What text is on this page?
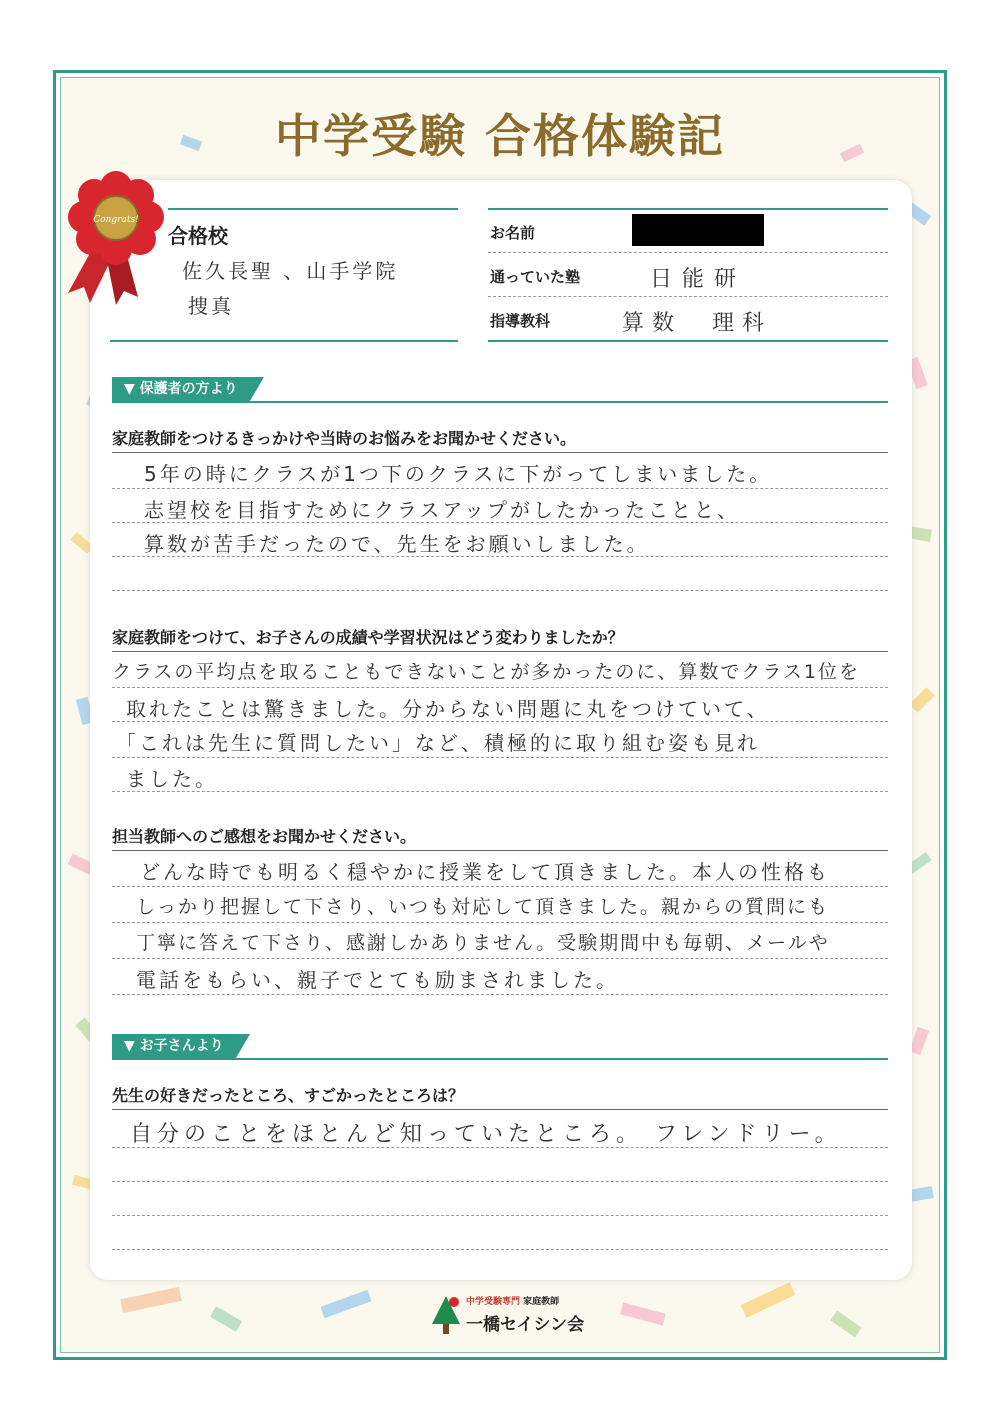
中学受験 合格体験記
Congrats!
合格校
佐久長聖 、山手学院
捜真
お名前
通っていた塾	日能研
指導教科	算数　理科
▼ 保護者の方より
家庭教師をつけるきっかけや当時のお悩みをお聞かせください。
5年の時にクラスが1つ下のクラスに下がってしまいました。
志望校を目指すためにクラスアップがしたかったことと、
算数が苦手だったので、先生をお願いしました。
家庭教師をつけて、お子さんの成績や学習状況はどう変わりましたか？
クラスの平均点を取ることもできないことが多かったのに、算数でクラス1位を
取れたことは驚きました。分からない問題に丸をつけていて、
「これは先生に質問したい」など、積極的に取り組む姿も見れ
ました。
担当教師へのご感想をお聞かせください。
どんな時でも明るく穏やかに授業をして頂きました。本人の性格も
しっかり把握して下さり、いつも対応して頂きました。親からの質問にも
丁寧に答えて下さり、感謝しかありません。受験期間中も毎朝、メールや
電話をもらい、親子でとても励まされました。
▼ お子さんより
先生の好きだったところ、すごかったところは？
自分のことをほとんど知っていたところ。 フレンドリー。
中学受験専門 家庭教師
一橋セイシン会
